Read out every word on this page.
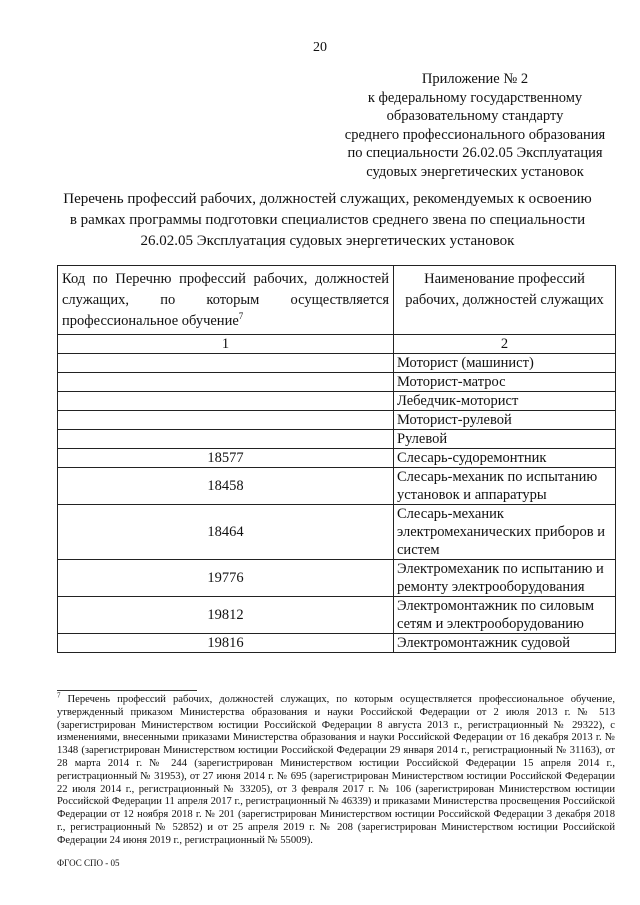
20
Приложение № 2
к федеральному государственному
образовательному стандарту
среднего профессионального образования
по специальности 26.02.05 Эксплуатация
судовых энергетических установок
Перечень профессий рабочих, должностей служащих, рекомендуемых к освоению
в рамках программы подготовки специалистов среднего звена по специальности
26.02.05 Эксплуатация судовых энергетических установок
Код по Перечню профессий рабочих, должностей служащих, по которым осуществляется профессиональное обучение$^7$	Наименование профессий рабочих, должностей служащих
1	2
	Моторист (машинист)
	Моторист-матрос
	Лебедчик-моторист
	Моторист-рулевой
	Рулевой
18577	Слесарь-судоремонтник
18458	Слесарь-механик по испытанию установок и аппаратуры
18464	Слесарь-механик электромеханических приборов и систем
19776	Электромеханик по испытанию и ремонту электрооборудования
19812	Электромонтажник по силовым сетям и электрооборудованию
19816	Электромонтажник судовой
$^7$ Перечень профессий рабочих, должностей служащих, по которым осуществляется профессиональное обучение, утвержденный приказом Министерства образования и науки Российской Федерации от 2 июля 2013 г. № 513 (зарегистрирован Министерством юстиции Российской Федерации 8 августа 2013 г., регистрационный № 29322), с изменениями, внесенными приказами Министерства образования и науки Российской Федерации от 16 декабря 2013 г. № 1348 (зарегистрирован Министерством юстиции Российской Федерации 29 января 2014 г., регистрационный № 31163), от 28 марта 2014 г. № 244 (зарегистрирован Министерством юстиции Российской Федерации 15 апреля 2014 г., регистрационный № 31953), от 27 июня 2014 г. № 695 (зарегистрирован Министерством юстиции Российской Федерации 22 июля 2014 г., регистрационный № 33205), от 3 февраля 2017 г. № 106 (зарегистрирован Министерством юстиции Российской Федерации 11 апреля 2017 г., регистрационный № 46339) и приказами Министерства просвещения Российской Федерации от 12 ноября 2018 г. № 201 (зарегистрирован Министерством юстиции Российской Федерации 3 декабря 2018 г., регистрационный № 52852) и от 25 апреля 2019 г. № 208 (зарегистрирован Министерством юстиции Российской Федерации 24 июня 2019 г., регистрационный № 55009).
ФГОС СПО - 05
